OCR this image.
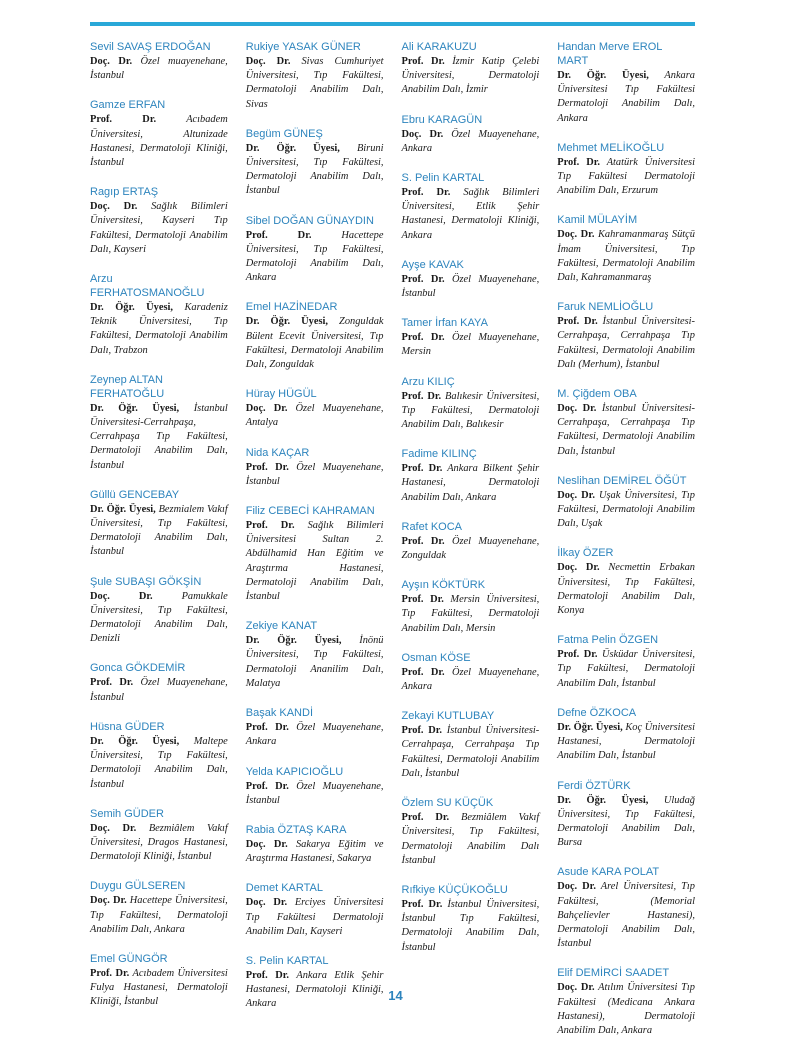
Sevil SAVAŞ ERDOĞAN
Doç. Dr. Özel muayenehane, İstanbul
Gamze ERFAN
Prof. Dr.	Acıbadem Üniversitesi, Altunizade Hastanesi, Dermatoloji Kliniği, İstanbul
Ragıp ERTAŞ
Doç. Dr. Sağlık Bilimleri Üniversitesi, Kayseri Tıp Fakültesi, Dermatoloji Anabilim Dalı, Kayseri
Arzu FERHATOSMANOĞLU
Dr. Öğr. Üyesi, Karadeniz Teknik Üniversitesi, Tıp Fakültesi, Dermatoloji Anabilim Dalı, Trabzon
Zeynep ALTAN FERHATOĞLU
Dr. Öğr. Üyesi, İstanbul Üniversitesi-Cerrahpaşa, Cerrahpaşa Tıp Fakültesi, Dermatoloji Anabilim Dalı, İstanbul
Güllü GENCEBAY
Dr. Öğr. Üyesi, Bezmialem Vakıf Üniversitesi, Tıp Fakültesi, Dermatoloji Anabilim Dalı, İstanbul
Şule SUBAŞI GÖKŞİN
Doç. Dr.	Pamukkale Üniversitesi, Tıp Fakültesi, Dermatoloji Anabilim Dalı, Denizli
Gonca GÖKDEMİR
Prof. Dr. Özel Muayenehane, İstanbul
Hüsna GÜDER
Dr. Öğr. Üyesi, Maltepe Üniversitesi, Tıp Fakültesi, Dermatoloji Anabilim Dalı, İstanbul
Semih GÜDER
Doç. Dr. Bezmiâlem Vakıf Üniversitesi, Dragos Hastanesi, Dermatoloji Kliniği, İstanbul
Duygu GÜLSEREN
Doç. Dr. Hacettepe Üniversitesi, Tıp Fakültesi, Dermatoloji Anabilim Dalı, Ankara
Emel GÜNGÖR
Prof. Dr. Acıbadem Üniversitesi Fulya Hastanesi, Dermatoloji Kliniği, İstanbul
Rukiye YASAK GÜNER
Doç. Dr. Sivas Cumhuriyet Üniversitesi, Tıp Fakültesi, Dermatoloji Anabilim Dalı, Sivas
Begüm GÜNEŞ
Dr. Öğr. Üyesi, Biruni Üniversitesi, Tıp Fakültesi, Dermatoloji Anabilim Dalı, İstanbul
Sibel DOĞAN GÜNAYDIN
Prof. Dr.	Hacettepe Üniversitesi, Tıp Fakültesi, Dermatoloji Anabilim Dalı, Ankara
Emel HAZİNEDAR
Dr. Öğr. Üyesi, Zonguldak Bülent Ecevit Üniversitesi, Tıp Fakültesi, Dermatoloji Anabilim Dalı, Zonguldak
Hüray HÜGÜL
Doç. Dr. Özel Muayenehane, Antalya
Nida KAÇAR
Prof. Dr. Özel Muayenehane, İstanbul
Filiz CEBECİ KAHRAMAN
Prof. Dr. Sağlık Bilimleri Üniversitesi Sultan 2. Abdülhamid Han Eğitim ve Araştırma Hastanesi, Dermatoloji Anabilim Dalı, İstanbul
Zekiye KANAT
Dr. Öğr. Üyesi, İnönü Üniversitesi, Tıp Fakültesi, Dermatoloji Ananilim Dalı, Malatya
Başak KANDİ
Prof. Dr. Özel Muayenehane, Ankara
Yelda KAPICIOĞLU
Prof. Dr. Özel Muayenehane, İstanbul
Rabia ÖZTAŞ KARA
Doç. Dr. Sakarya Eğitim ve Araştırma Hastanesi, Sakarya
Demet KARTAL
Doç. Dr. Erciyes Üniversitesi Tıp Fakültesi Dermatoloji Anabilim Dalı, Kayseri
S. Pelin KARTAL
Prof. Dr. Ankara Etlik Şehir Hastanesi, Dermatoloji Kliniği, Ankara
Ali KARAKUZU
Prof. Dr. İzmir Katip Çelebi Üniversitesi, Dermatoloji Anabilim Dalı, İzmir
Ebru KARAGÜN
Doç. Dr. Özel Muayenehane, Ankara
S. Pelin KARTAL
Prof. Dr. Sağlık Bilimleri Üniversitesi, Etlik Şehir Hastanesi, Dermatoloji Kliniği, Ankara
Ayşe KAVAK
Prof. Dr. Özel Muayenehane, İstanbul
Tamer İrfan KAYA
Prof. Dr. Özel Muayenehane, Mersin
Arzu KILIÇ
Prof. Dr. Balıkesir Üniversitesi, Tıp Fakültesi, Dermatoloji Anabilim Dalı, Balıkesir
Fadime KILINÇ
Prof. Dr. Ankara Bilkent Şehir Hastanesi, Dermatoloji Anabilim Dalı, Ankara
Rafet KOCA
Prof. Dr. Özel Muayenehane, Zonguldak
Ayşın KÖKTÜRK
Prof. Dr. Mersin Üniversitesi, Tıp Fakültesi, Dermatoloji Anabilim Dalı, Mersin
Osman KÖSE
Prof. Dr. Özel Muayenehane, Ankara
Zekayi KUTLUBAY
Prof. Dr. İstanbul Üniversitesi-Cerrahpaşa, Cerrahpaşa Tıp Fakültesi, Dermatoloji Anabilim Dalı, İstanbul
Özlem SU KÜÇÜK
Prof. Dr. Bezmiâlem Vakıf Üniversitesi, Tıp Fakültesi, Dermatoloji Anabilim Dalı İstanbul
Rıfkiye KÜÇÜKOĞLU
Prof. Dr. İstanbul Üniversitesi, İstanbul Tıp Fakültesi, Dermatoloji Anabilim Dalı, İstanbul
Handan Merve EROL MART
Dr. Öğr. Üyesi, Ankara Üniversitesi Tıp Fakültesi Dermatoloji Anabilim Dalı, Ankara
Mehmet MELİKOĞLU
Prof. Dr. Atatürk Üniversitesi Tıp Fakültesi Dermatoloji Anabilim Dalı, Erzurum
Kamil MÜLAYİM
Doç. Dr. Kahramanmaraş Sütçü İmam Üniversitesi, Tıp Fakültesi, Dermatoloji Anabilim Dalı, Kahramanmaraş
Faruk NEMLİOĞLU
Prof. Dr. İstanbul Üniversitesi-Cerrahpaşa, Cerrahpaşa Tıp Fakültesi, Dermatoloji Anabilim Dalı (Merhum), İstanbul
M. Çiğdem OBA
Doç. Dr. İstanbul Üniversitesi-Cerrahpaşa, Cerrahpaşa Tıp Fakültesi, Dermatoloji Anabilim Dalı, İstanbul
Neslihan DEMİREL ÖĞÜT
Doç. Dr. Uşak Üniversitesi, Tıp Fakültesi, Dermatoloji Anabilim Dalı, Uşak
İlkay ÖZER
Doç. Dr. Necmettin Erbakan Üniversitesi, Tıp Fakültesi, Dermatoloji Anabilim Dalı, Konya
Fatma Pelin ÖZGEN
Prof. Dr. Üsküdar Üniversitesi, Tıp Fakültesi, Dermatoloji Anabilim Dalı, İstanbul
Defne ÖZKOCA
Dr. Öğr. Üyesi, Koç Üniversitesi Hastanesi, Dermatoloji Anabilim Dalı, İstanbul
Ferdi ÖZTÜRK
Dr. Öğr. Üyesi, Uludağ Üniversitesi, Tıp Fakültesi, Dermatoloji Anabilim Dalı, Bursa
Asude KARA POLAT
Doç. Dr. Arel Üniversitesi, Tıp Fakültesi, (Memorial Bahçelievler Hastanesi), Dermatoloji Anabilim Dalı, İstanbul
Elif DEMİRCİ SAADET
Doç. Dr. Atılım Üniversitesi Tıp Fakültesi (Medicana Ankara Hastanesi), Dermatoloji Anabilim Dalı, Ankara
14
